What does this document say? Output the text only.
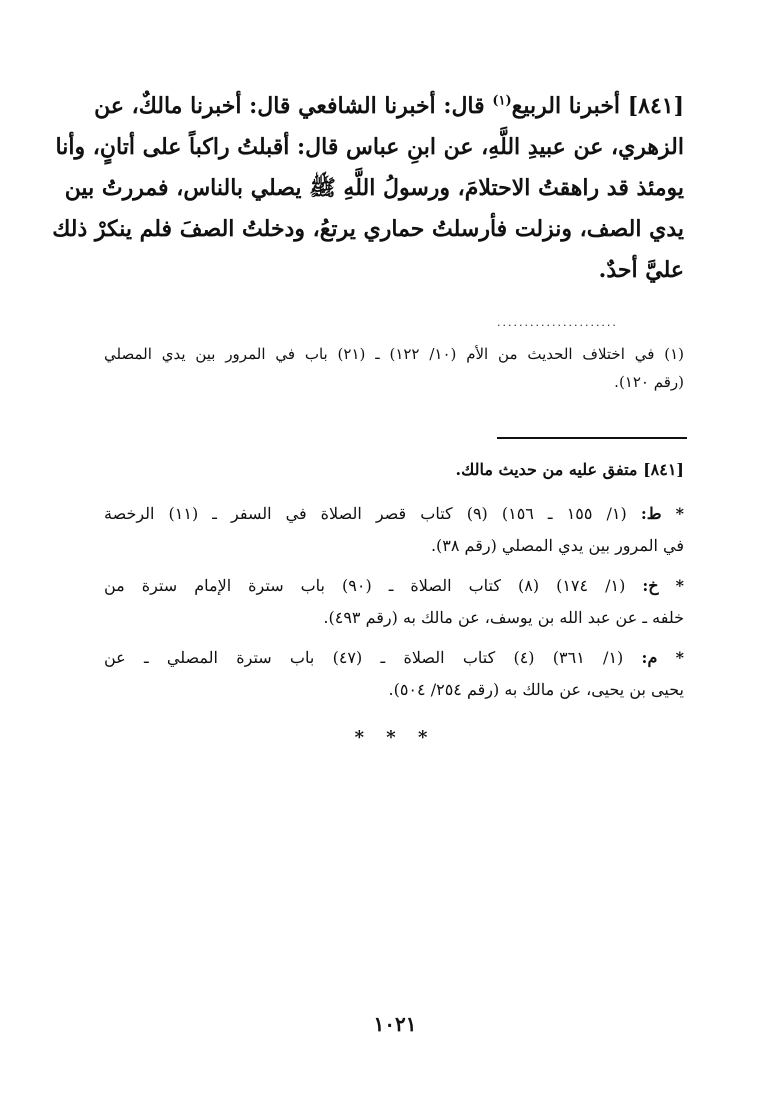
[٨٤١] أخبرنا الربيع$^{(١)}$ قال: أخبرنا الشافعي قال: أخبرنا مالكٌ، عن
الزهري، عن عبيدِ اللَّهِ، عن ابنِ عباس قال: أقبلتُ راكباً على أتانٍ، وأنا
يومئذ قد راهقتُ الاحتلامَ، ورسولُ اللَّهِ ﷺ يصلي بالناس، فمررتُ بين
يدي الصف، ونزلت فأرسلتُ حماري يرتعُ، ودخلتُ الصفَ فلم ينكرْ ذلك
عليَّ أحدٌ.
......................
(١) في اختلاف الحديث من الأم (١٠/ ١٢٢) ـ (٢١) باب في المرور بين يدي المصلي
(رقم ١٢٠).
[٨٤١] متفق عليه من حديث مالك.
* ط: (١/ ١٥٥ ـ ١٥٦) (٩) كتاب قصر الصلاة في السفر ـ (١١) الرخصة
في المرور بين يدي المصلي (رقم ٣٨).
* خ: (١/ ١٧٤) (٨) كتاب الصلاة ـ (٩٠) باب سترة الإمام سترة من
خلفه ـ عن عبد الله بن يوسف، عن مالك به (رقم ٤٩٣).
* م: (١/ ٣٦١) (٤) كتاب الصلاة ـ (٤٧) باب سترة المصلي ـ عن
يحيى بن يحيى، عن مالك به (رقم ٢٥٤/ ٥٠٤).
* * *
١٠٢١
